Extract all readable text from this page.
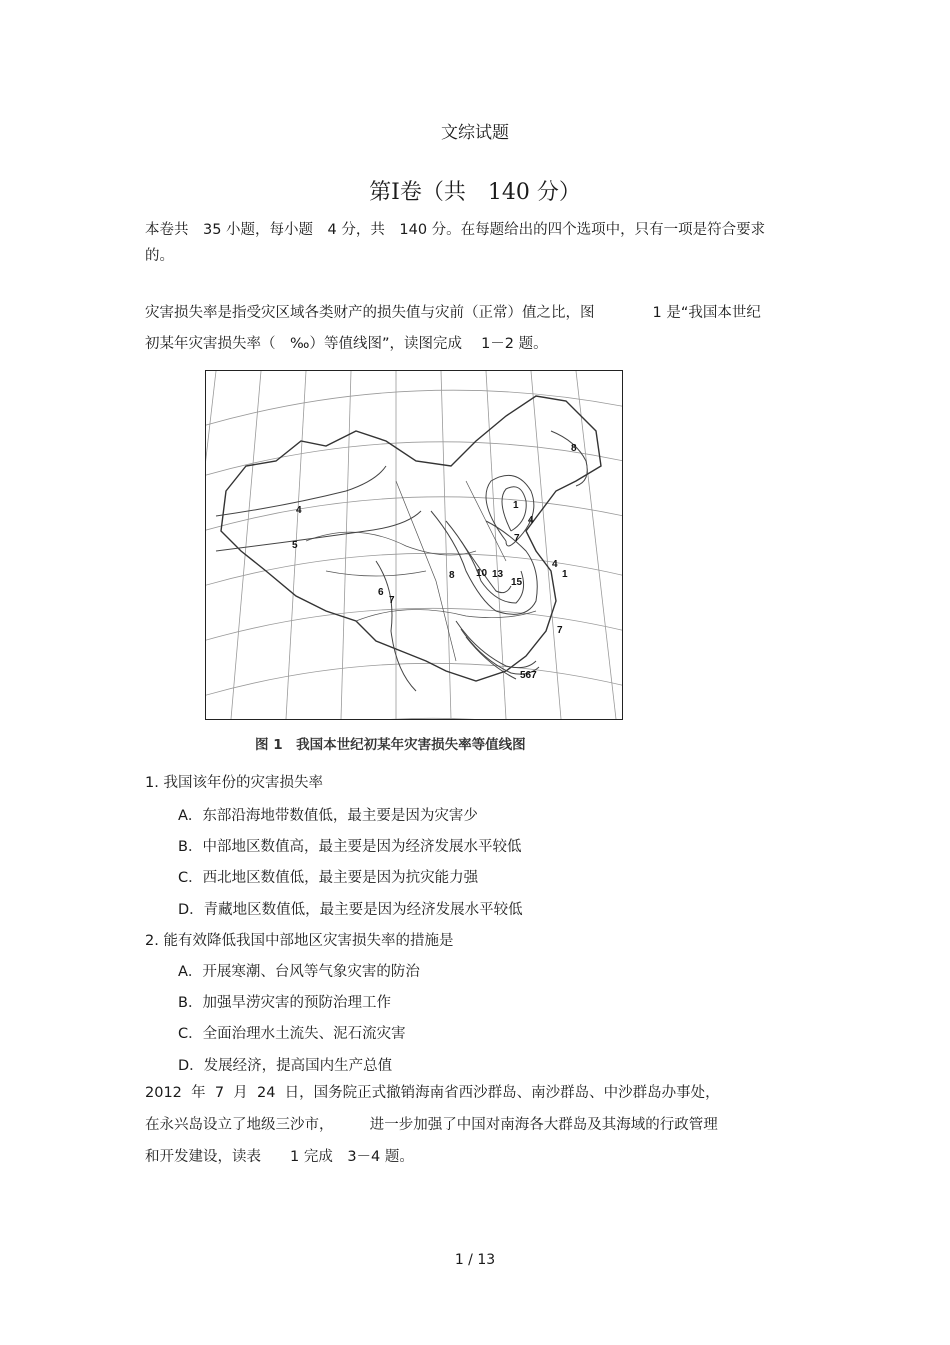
文综试题
第Ⅰ卷（共　140 分）
本卷共　35 小题，每小题　4 分，共　140 分。在每题给出的四个选项中，只有一项是符合要求
的。
灾害损失率是指受灾区域各类财产的损失值与灾前（正常）值之比，图　　　　1 是“我国本世纪
初某年灾害损失率（　‰）等值线图”，读图完成　 1－2 题。
8
4
5
1
4
7
4
1
8 10 13
15
6
7
7
567
图 1　我国本世纪初某年灾害损失率等值线图
1. 我国该年份的灾害损失率
A．东部沿海地带数值低，最主要是因为灾害少
B．中部地区数值高，最主要是因为经济发展水平较低
C．西北地区数值低，最主要是因为抗灾能力强
D．青藏地区数值低，最主要是因为经济发展水平较低
2. 能有效降低我国中部地区灾害损失率的措施是
A．开展寒潮、台风等气象灾害的防治
B．加强旱涝灾害的预防治理工作
C．全面治理水土流失、泥石流灾害
D．发展经济，提高国内生产总值
2012  年  7  月  24  日，国务院正式撤销海南省西沙群岛、南沙群岛、中沙群岛办事处，
在永兴岛设立了地级三沙市，　　　进一步加强了中国对南海各大群岛及其海域的行政管理
和开发建设，读表　　1 完成　3－4 题。
1 / 13
